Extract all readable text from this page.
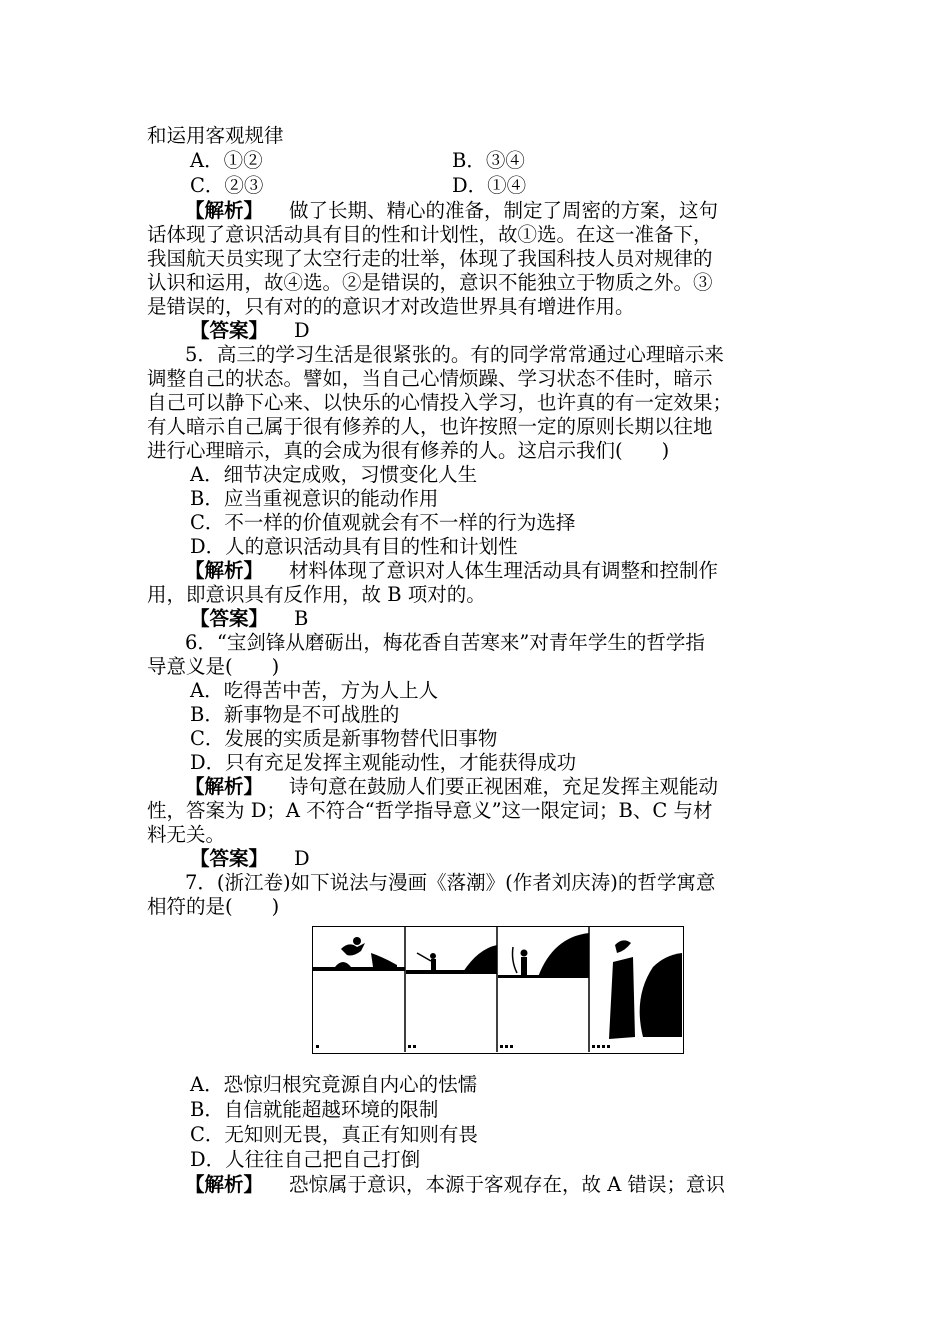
和运用客观规律
A．①②	B．③④
C．②③	D．①④
【解析】 做了长期、精心的准备，制定了周密的方案，这句
话体现了意识活动具有目的性和计划性，故①选。在这一准备下，
我国航天员实现了太空行走的壮举，体现了我国科技人员对规律的
认识和运用，故④选。②是错误的，意识不能独立于物质之外。③
是错误的，只有对的的意识才对改造世界具有增进作用。
【答案】 D
5．高三的学习生活是很紧张的。有的同学常常通过心理暗示来
调整自己的状态。譬如，当自己心情烦躁、学习状态不佳时，暗示
自己可以静下心来、以快乐的心情投入学习，也许真的有一定效果；
有人暗示自己属于很有修养的人，也许按照一定的原则长期以往地
进行心理暗示，真的会成为很有修养的人。这启示我们(　　)
A．细节决定成败，习惯变化人生
B．应当重视意识的能动作用
C．不一样的价值观就会有不一样的行为选择
D．人的意识活动具有目的性和计划性
【解析】 材料体现了意识对人体生理活动具有调整和控制作
用，即意识具有反作用，故 B 项对的。
【答案】 B
6．“宝剑锋从磨砺出，梅花香自苦寒来”对青年学生的哲学指
导意义是(　　)
A．吃得苦中苦，方为人上人
B．新事物是不可战胜的
C．发展的实质是新事物替代旧事物
D．只有充足发挥主观能动性，才能获得成功
【解析】 诗句意在鼓励人们要正视困难，充足发挥主观能动
性，答案为 D；A 不符合“哲学指导意义”这一限定词；B、C 与材
料无关。
【答案】 D
7．(浙江卷)如下说法与漫画《落潮》(作者刘庆涛)的哲学寓意
相符的是(　　)
A．恐惊归根究竟源自内心的怯懦
B．自信就能超越环境的限制
C．无知则无畏，真正有知则有畏
D．人往往自己把自己打倒
【解析】 恐惊属于意识，本源于客观存在，故 A 错误；意识
